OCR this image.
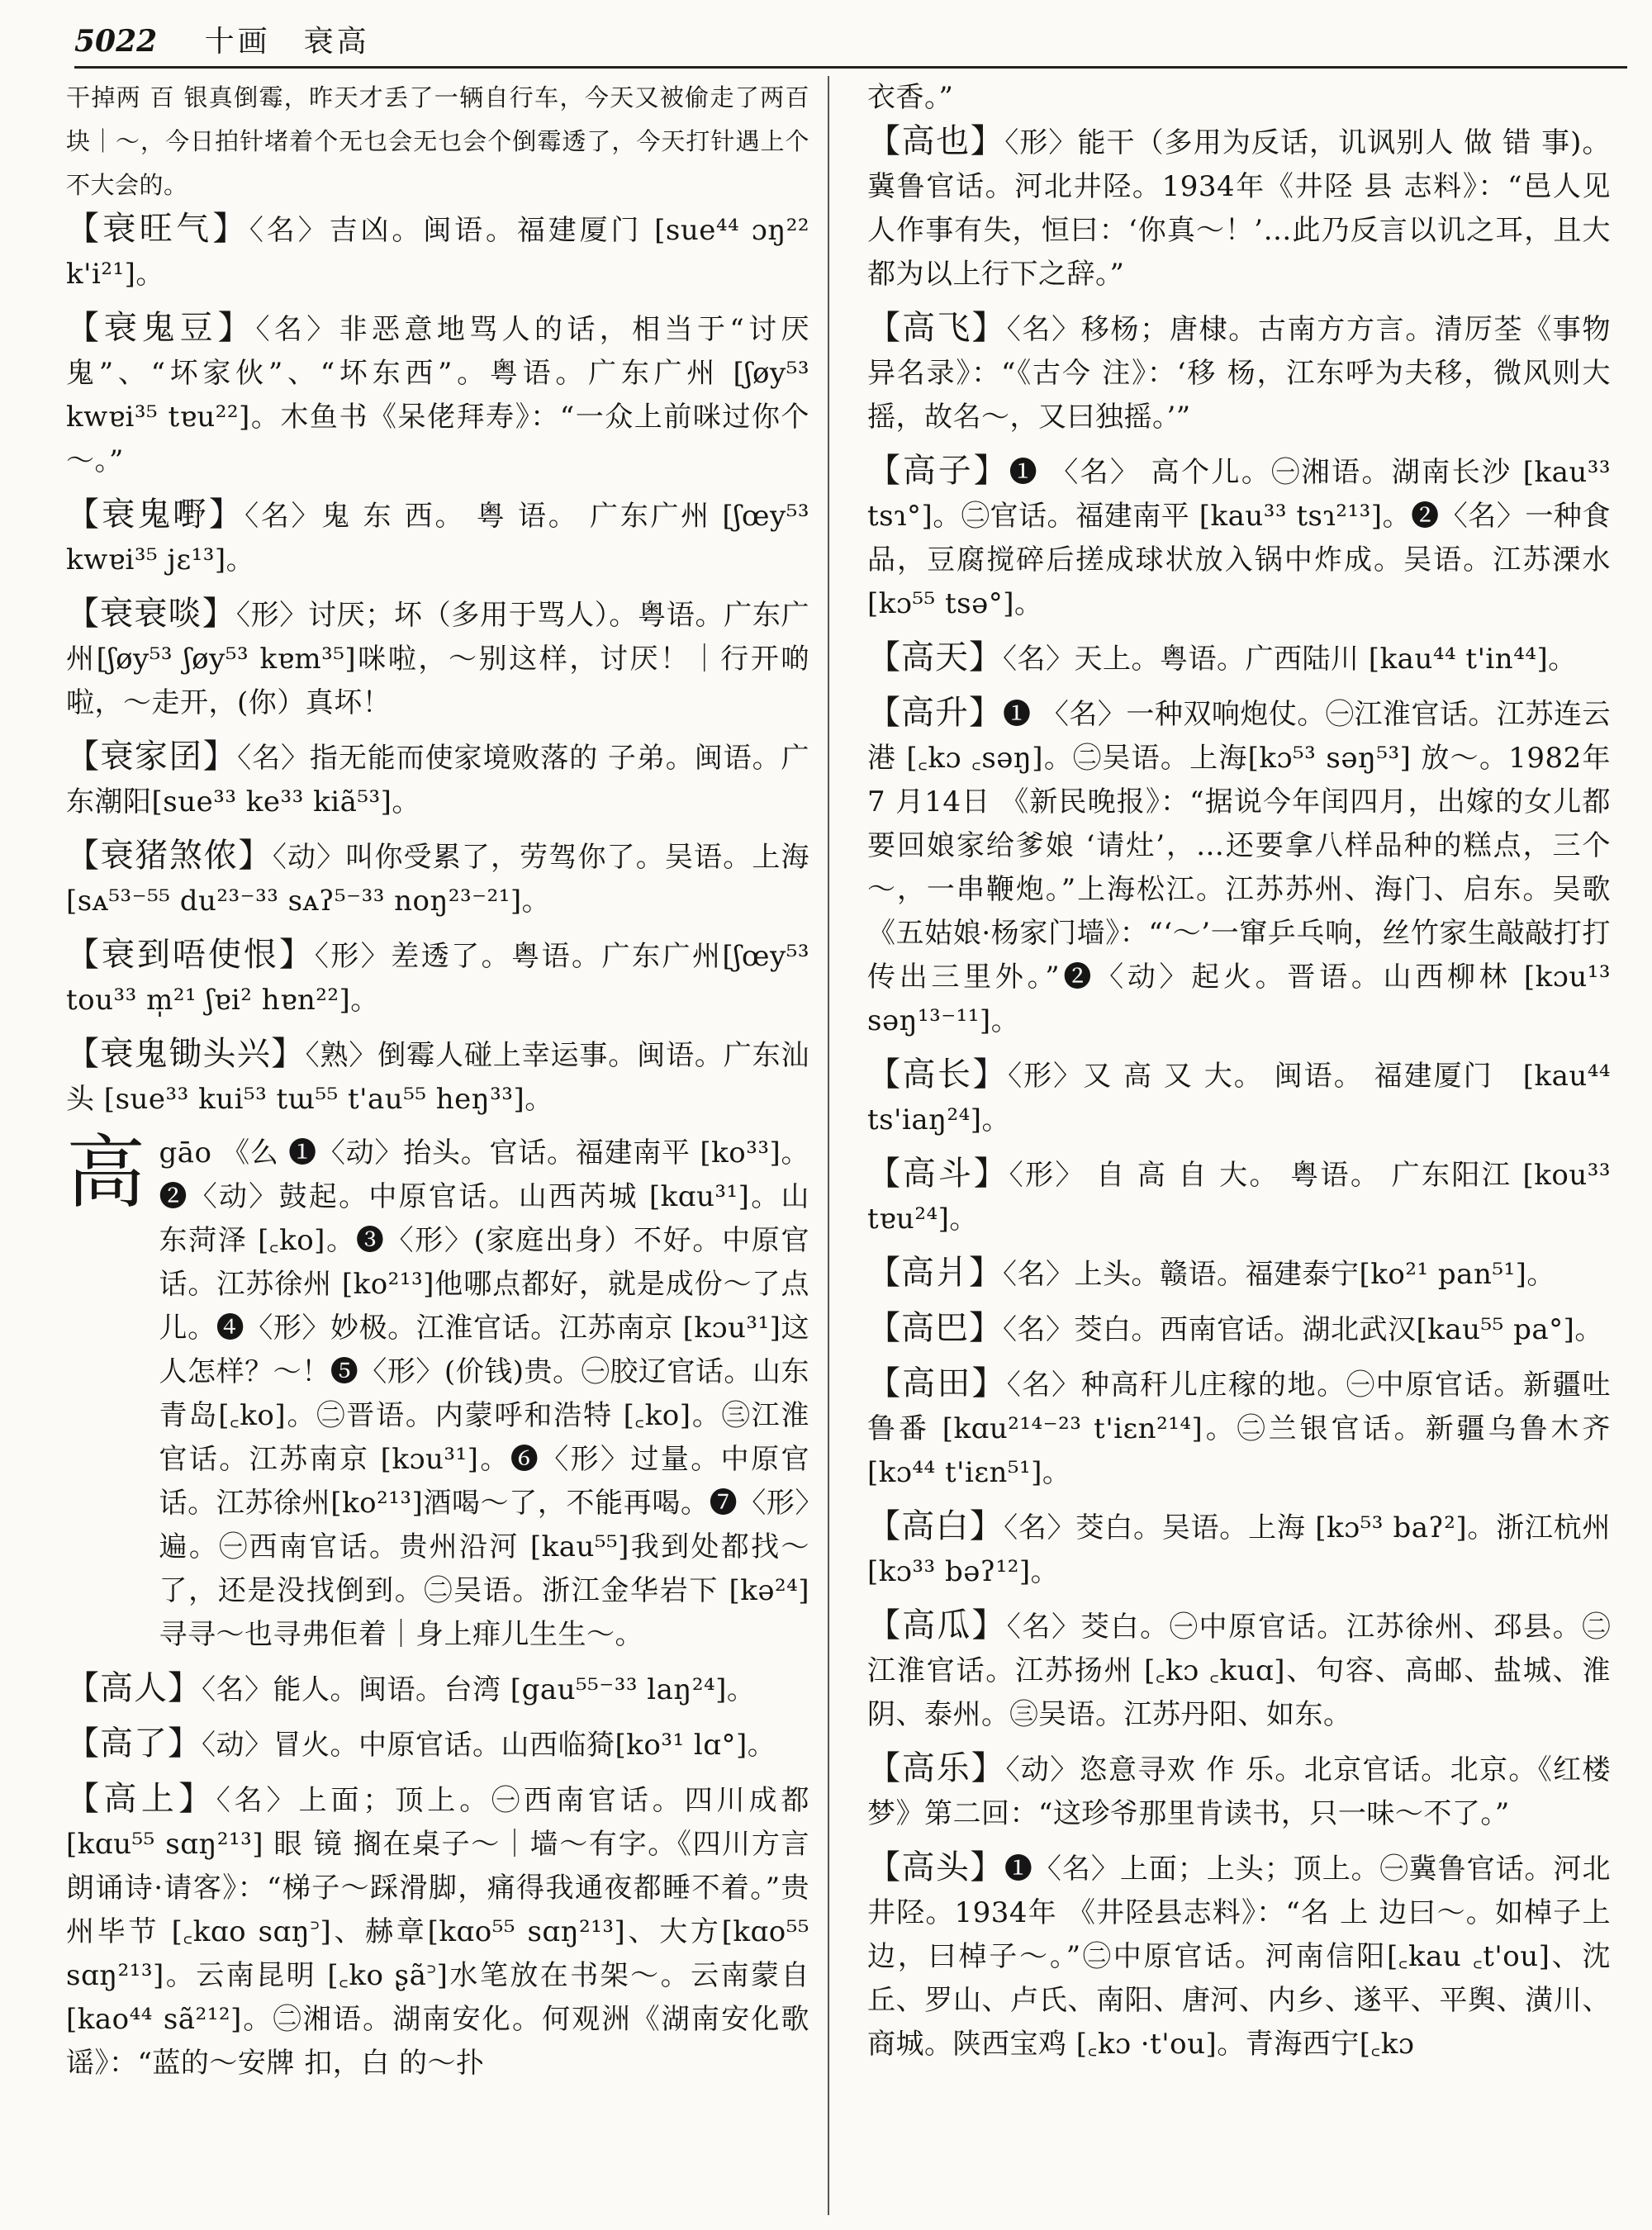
5022 十画　衰高
干掉两 百 银真倒霉，昨天才丢了一辆自行车，今天又被偷走了两百块｜～，今日拍针堵着个无乜会无乜会个倒霉透了，今天打针遇上个不大会的。
【衰旺气】〈名〉吉凶。闽语。福建厦门 [sue⁴⁴ ɔŋ²² k'i²¹]。
【衰鬼豆】〈名〉非恶意地骂人的话，相当于“讨厌鬼”、“坏家伙”、“坏东西”。粤语。广东广州 [ʃøy⁵³ kwɐi³⁵ tɐu²²]。木鱼书《呆佬拜寿》：“一众上前咪过你个～。”
【衰鬼嘢】〈名〉鬼 东 西。 粤 语。 广东广州 [ʃœy⁵³ kwɐi³⁵ jɛ¹³]。
【衰衰啖】〈形〉讨厌；坏（多用于骂人）。粤语。广东广州[ʃøy⁵³ ʃøy⁵³ kɐm³⁵]咪啦，～别这样，讨厌！｜行开啲啦，～走开，(你）真坏！
【衰家囝】〈名〉指无能而使家境败落的 子弟。闽语。广东潮阳[sue³³ ke³³ kiã⁵³]。
【衰猪煞侬】〈动〉叫你受累了，劳驾你了。吴语。上海 [sᴀ⁵³⁻⁵⁵ du²³⁻³³ sᴀʔ⁵⁻³³ noŋ²³⁻²¹]。
【衰到唔使恨】〈形〉差透了。粤语。广东广州[ʃœy⁵³ tou³³ m̩²¹ ʃɐi² hɐn²²]。
【衰鬼锄头兴】〈熟〉倒霉人碰上幸运事。闽语。广东汕头 [sue³³ kui⁵³ tɯ⁵⁵ t'au⁵⁵ heŋ³³]。
高 gāo 《么 ❶〈动〉抬头。官话。福建南平 [ko³³]。❷〈动〉鼓起。中原官话。山西芮城 [kɑu³¹]。山东菏泽 [꜀ko]。❸〈形〉(家庭出身）不好。中原官话。江苏徐州 [ko²¹³]他哪点都好，就是成份～了点儿。❹〈形〉妙极。江淮官话。江苏南京 [kɔu³¹]这人怎样？～！❺〈形〉(价钱)贵。㊀胶辽官话。山东青岛[꜀ko]。㊁晋语。内蒙呼和浩特 [꜀ko]。㊂江淮官话。江苏南京 [kɔu³¹]。❻〈形〉过量。中原官话。江苏徐州[ko²¹³]酒喝～了，不能再喝。❼〈形〉遍。㊀西南官话。贵州沿河 [kau⁵⁵]我到处都找～了，还是没找倒到。㊁吴语。浙江金华岩下 [kə²⁴] 寻寻～也寻弗佢着｜身上痱儿生生～。
【高人】〈名〉能人。闽语。台湾 [gau⁵⁵⁻³³ laŋ²⁴]。
【高了】〈动〉冒火。中原官话。山西临猗[ko³¹ lɑ°]。
【高上】〈名〉上面；顶上。㊀西南官话。四川成都[kɑu⁵⁵ sɑŋ²¹³] 眼 镜 搁在桌子～｜墙～有字。《四川方言朗诵诗·请客》：“梯子～踩滑脚，痛得我通夜都睡不着。”贵州毕节 [꜀kɑo sɑŋ꜄]、赫章[kɑo⁵⁵ sɑŋ²¹³]、大方[kɑo⁵⁵ sɑŋ²¹³]。云南昆明 [꜀ko ʂã꜄]水笔放在书架～。云南蒙自 [kao⁴⁴ sã²¹²]。㊁湘语。湖南安化。何观洲《湖南安化歌谣》：“蓝的～安牌 扣，白 的～扑
衣香。”
【高也】〈形〉能干（多用为反话，讥讽别人 做 错 事)。冀鲁官话。河北井陉。1934年《井陉 县 志料》：“邑人见人作事有失，恒曰：‘你真～！’…此乃反言以讥之耳，且大都为以上行下之辞。”
【高飞】〈名〉移杨；唐棣。古南方方言。清厉荃《事物异名录》：“《古今 注》：‘移 杨，江东呼为夫移，微风则大摇，故名～，又曰独摇。’”
【高子】❶ 〈名〉 高个儿。㊀湘语。湖南长沙 [kau³³ tsɿ°]。㊁官话。福建南平 [kau³³ tsɿ²¹³]。❷〈名〉一种食品，豆腐搅碎后搓成球状放入锅中炸成。吴语。江苏溧水 [kɔ⁵⁵ tsə°]。
【高天】〈名〉天上。粤语。广西陆川 [kau⁴⁴ t'in⁴⁴]。
【高升】❶ 〈名〉一种双响炮仗。㊀江淮官话。江苏连云港 [꜀kɔ ꜀səŋ]。㊁吴语。上海[kɔ⁵³ səŋ⁵³] 放～。1982年 7 月14日 《新民晚报》：“据说今年闰四月，出嫁的女儿都要回娘家给爹娘 ‘请灶’，…还要拿八样品种的糕点，三个～，一串鞭炮。”上海松江。江苏苏州、海门、启东。吴歌《五姑娘·杨家门墙》：“‘～’一窜乒乓响，丝竹家生敲敲打打传出三里外。”❷〈动〉起火。晋语。山西柳林 [kɔu¹³ səŋ¹³⁻¹¹]。
【高长】〈形〉又 高 又 大。 闽语。 福建厦门　[kau⁴⁴ ts'iaŋ²⁴]。
【高斗】〈形〉 自 高 自 大。 粤语。 广东阳江 [kou³³ tɐu²⁴]。
【高爿】〈名〉上头。赣语。福建泰宁[ko²¹ pan⁵¹]。
【高巴】〈名〉茭白。西南官话。湖北武汉[kau⁵⁵ pa°]。
【高田】〈名〉种高秆儿庄稼的地。㊀中原官话。新疆吐鲁番 [kɑu²¹⁴⁻²³ t'iɛn²¹⁴]。㊁兰银官话。新疆乌鲁木齐[kɔ⁴⁴ t'iɛn⁵¹]。
【高白】〈名〉茭白。吴语。上海 [kɔ⁵³ baʔ²]。浙江杭州[kɔ³³ bəʔ¹²]。
【高瓜】〈名〉茭白。㊀中原官话。江苏徐州、邳县。㊁江淮官话。江苏扬州 [꜀kɔ ꜀kuɑ]、句容、高邮、盐城、淮阴、泰州。㊂吴语。江苏丹阳、如东。
【高乐】〈动〉恣意寻欢 作 乐。北京官话。北京。《红楼梦》第二回：“这珍爷那里肯读书，只一味～不了。”
【高头】❶〈名〉上面；上头；顶上。㊀冀鲁官话。河北井陉。1934年 《井陉县志料》：“名 上 边曰～。如棹子上边，曰棹子～。”㊁中原官话。河南信阳[꜀kau ꜀t'ou]、沈丘、罗山、卢氏、南阳、唐河、内乡、遂平、平舆、潢川、商城。陕西宝鸡 [꜀kɔ ·t'ou]。青海西宁[꜀kɔ
